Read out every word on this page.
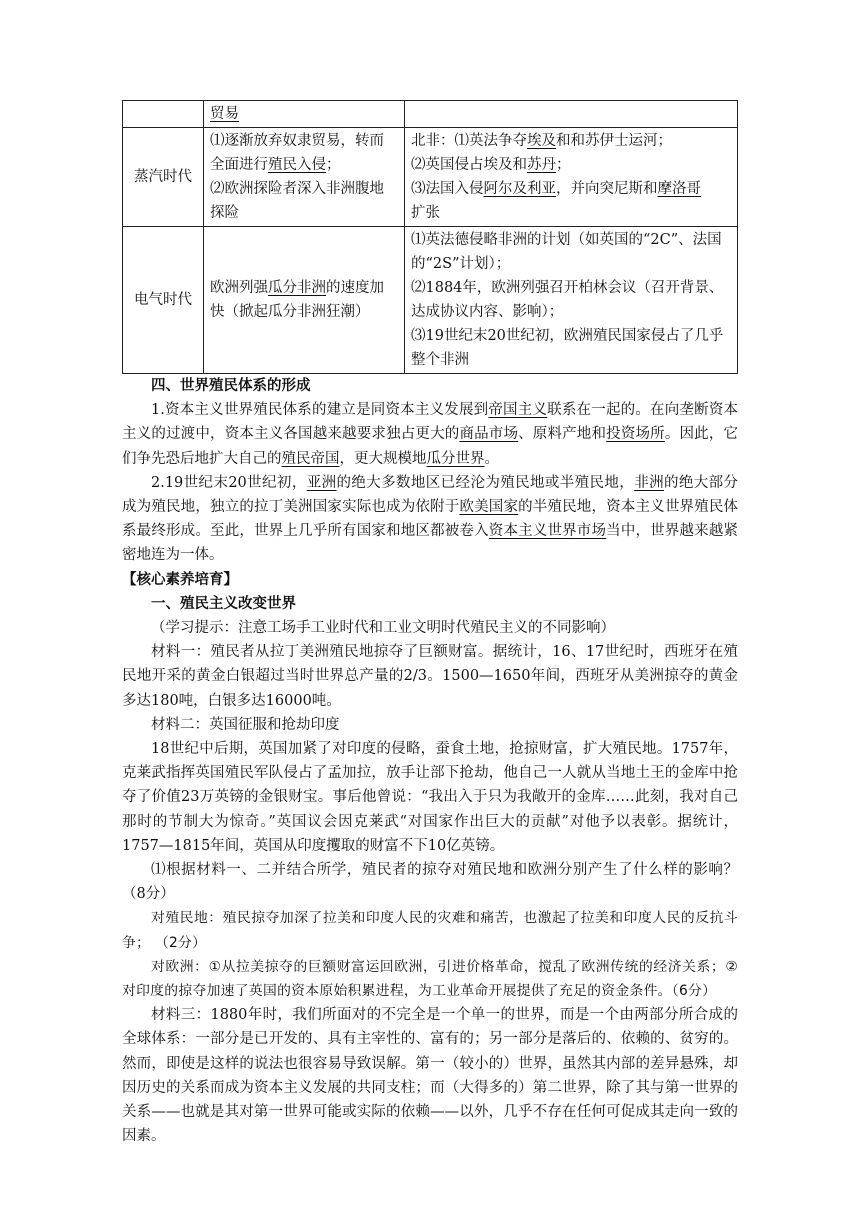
	贸易	
蒸汽时代	⑴逐渐放弃奴隶贸易，转而全面进行殖民入侵；
⑵欧洲探险者深入非洲腹地探险	北非：⑴英法争夺埃及和和苏伊士运河；
⑵英国侵占埃及和苏丹；
⑶法国入侵阿尔及利亚，并向突尼斯和摩洛哥
扩张
电气时代	欧洲列强瓜分非洲的速度加快（掀起瓜分非洲狂潮）	⑴英法德侵略非洲的计划（如英国的“2C”、法国的“2S”计划）；
⑵1884年，欧洲列强召开柏林会议（召开背景、达成协议内容、影响）；
⑶19世纪末20世纪初，欧洲殖民国家侵占了几乎整个非洲

四、世界殖民体系的形成

1.资本主义世界殖民体系的建立是同资本主义发展到帝国主义联系在一起的。在向垄断资本主义的过渡中，资本主义各国越来越要求独占更大的商品市场、原料产地和投资场所。因此，它们争先恐后地扩大自己的殖民帝国，更大规模地瓜分世界。

2.19世纪末20世纪初，亚洲的绝大多数地区已经沦为殖民地或半殖民地，非洲的绝大部分成为殖民地，独立的拉丁美洲国家实际也成为依附于欧美国家的半殖民地，资本主义世界殖民体系最终形成。至此，世界上几乎所有国家和地区都被卷入资本主义世界市场当中，世界越来越紧密地连为一体。

【核心素养培育】

一、殖民主义改变世界

（学习提示：注意工场手工业时代和工业文明时代殖民主义的不同影响）

材料一：殖民者从拉丁美洲殖民地掠夺了巨额财富。据统计，16、17世纪时，西班牙在殖民地开采的黄金白银超过当时世界总产量的2/3。1500—1650年间，西班牙从美洲掠夺的黄金多达180吨，白银多达16000吨。

材料二：英国征服和抢劫印度

18世纪中后期，英国加紧了对印度的侵略，蚕食土地，抢掠财富，扩大殖民地。1757年，克莱武指挥英国殖民军队侵占了孟加拉，放手让部下抢劫，他自己一人就从当地土王的金库中抢夺了价值23万英镑的金银财宝。事后他曾说：“我出入于只为我敞开的金库……此刻，我对自己那时的节制大为惊奇。”英国议会因克莱武“对国家作出巨大的贡献”对他予以表彰。据统计，1757—1815年间，英国从印度攫取的财富不下10亿英镑。

⑴根据材料一、二并结合所学，殖民者的掠夺对殖民地和欧洲分别产生了什么样的影响？（8分）

对殖民地：殖民掠夺加深了拉美和印度人民的灾难和痛苦，也激起了拉美和印度人民的反抗斗争； （2分）

对欧洲：①从拉美掠夺的巨额财富运回欧洲，引进价格革命，搅乱了欧洲传统的经济关系；②对印度的掠夺加速了英国的资本原始积累进程，为工业革命开展提供了充足的资金条件。（6分）

材料三：1880年时，我们所面对的不完全是一个单一的世界，而是一个由两部分所合成的全球体系：一部分是已开发的、具有主宰性的、富有的；另一部分是落后的、依赖的、贫穷的。然而，即使是这样的说法也很容易导致误解。第一（较小的）世界，虽然其内部的差异悬殊，却因历史的关系而成为资本主义发展的共同支柱；而（大得多的）第二世界，除了其与第一世界的关系——也就是其对第一世界可能或实际的依赖——以外，几乎不存在任何可促成其走向一致的因素。
